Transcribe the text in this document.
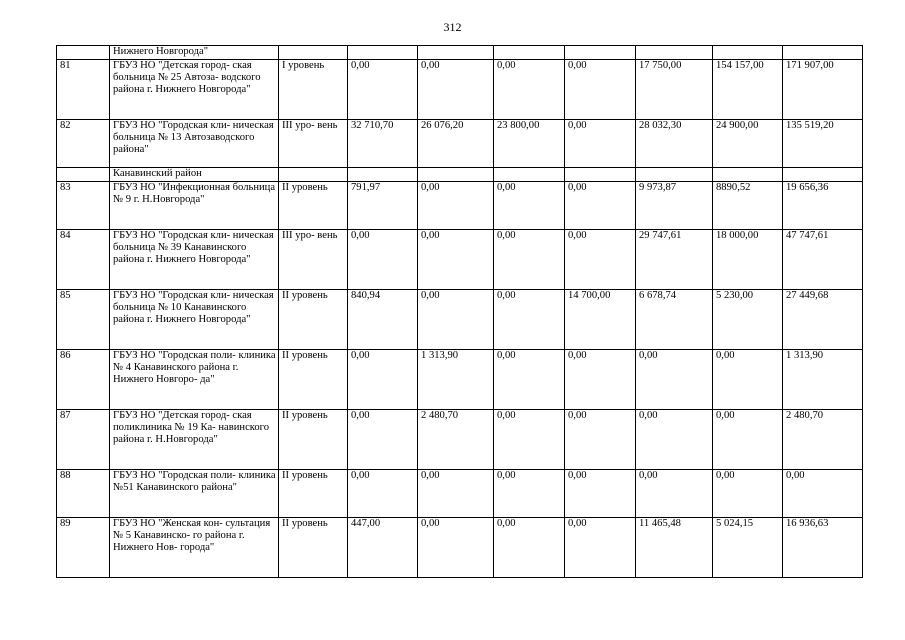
312
	Нижнего Новгорода"								
81	ГБУЗ НО "Детская город- ская больница № 25 Автоза- водского района г. Нижнего Новгорода"	I уровень	0,00	0,00	0,00	0,00	17 750,00	154 157,00	171 907,00
82	ГБУЗ НО "Городская кли- ническая больница № 13 Автозаводского района"	III уро- вень	32 710,70	26 076,20	23 800,00	0,00	28 032,30	24 900,00	135 519,20
	Канавинский район								
83	ГБУЗ НО "Инфекционная больница № 9 г. Н.Новгорода"	II уровень	791,97	0,00	0,00	0,00	9 973,87	8890,52	19 656,36
84	ГБУЗ НО "Городская кли- ническая больница № 39 Канавинского района г. Нижнего Новгорода"	III уро- вень	0,00	0,00	0,00	0,00	29 747,61	18 000,00	47 747,61
85	ГБУЗ НО "Городская кли- ническая больница № 10 Канавинского района г. Нижнего Новгорода"	II уровень	840,94	0,00	0,00	14 700,00	6 678,74	5 230,00	27 449,68
86	ГБУЗ НО "Городская поли- клиника № 4 Канавинского района г. Нижнего Новгоро- да"	II уровень	0,00	1 313,90	0,00	0,00	0,00	0,00	1 313,90
87	ГБУЗ НО "Детская город- ская поликлиника № 19 Ка- навинского района г. Н.Новгорода"	II уровень	0,00	2 480,70	0,00	0,00	0,00	0,00	2 480,70
88	ГБУЗ НО "Городская поли- клиника №51 Канавинского района"	II уровень	0,00	0,00	0,00	0,00	0,00	0,00	0,00
89	ГБУЗ НО "Женская кон- сультация № 5 Канавинско- го района г. Нижнего Нов- города"	II уровень	447,00	0,00	0,00	0,00	11 465,48	5 024,15	16 936,63
